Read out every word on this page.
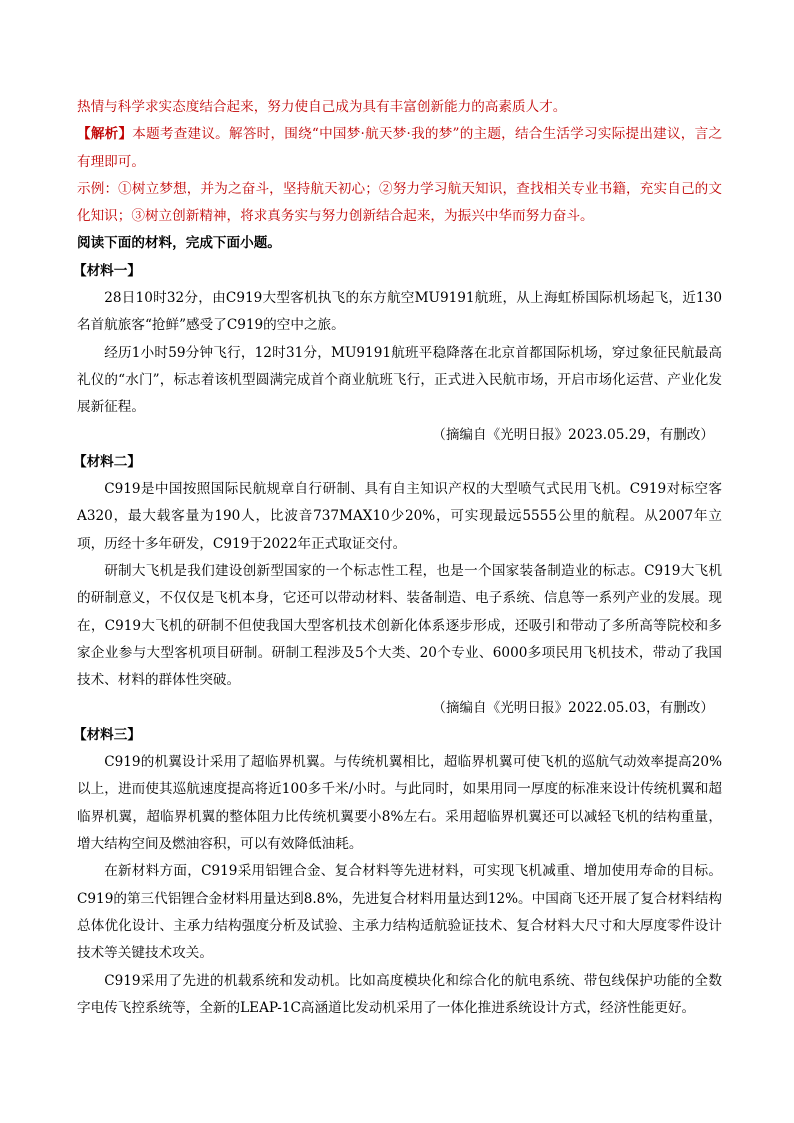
热情与科学求实态度结合起来，努力使自己成为具有丰富创新能力的高素质人才。

【解析】本题考查建议。解答时，围绕“中国梦·航天梦·我的梦”的主题，结合生活学习实际提出建议，言之有理即可。

示例：①树立梦想，并为之奋斗，坚持航天初心；②努力学习航天知识，查找相关专业书籍，充实自己的文化知识；③树立创新精神，将求真务实与努力创新结合起来，为振兴中华而努力奋斗。

阅读下面的材料，完成下面小题。

【材料一】

28日10时32分，由C919大型客机执飞的东方航空MU9191航班，从上海虹桥国际机场起飞，近130名首航旅客“抢鲜”感受了C919的空中之旅。

经历1小时59分钟飞行，12时31分，MU9191航班平稳降落在北京首都国际机场，穿过象征民航最高礼仪的“水门”，标志着该机型圆满完成首个商业航班飞行，正式进入民航市场，开启市场化运营、产业化发展新征程。

（摘编自《光明日报》2023.05.29，有删改）

【材料二】

C919是中国按照国际民航规章自行研制、具有自主知识产权的大型喷气式民用飞机。C919对标空客A320，最大载客量为190人，比波音737MAX10少20%，可实现最远5555公里的航程。从2007年立项，历经十多年研发，C919于2022年正式取证交付。

研制大飞机是我们建设创新型国家的一个标志性工程，也是一个国家装备制造业的标志。C919大飞机的研制意义，不仅仅是飞机本身，它还可以带动材料、装备制造、电子系统、信息等一系列产业的发展。现在，C919大飞机的研制不但使我国大型客机技术创新化体系逐步形成，还吸引和带动了多所高等院校和多家企业参与大型客机项目研制。研制工程涉及5个大类、20个专业、6000多项民用飞机技术，带动了我国技术、材料的群体性突破。

（摘编自《光明日报》2022.05.03，有删改）

【材料三】

C919的机翼设计采用了超临界机翼。与传统机翼相比，超临界机翼可使飞机的巡航气动效率提高20%以上，进而使其巡航速度提高将近100多千米/小时。与此同时，如果用同一厚度的标准来设计传统机翼和超临界机翼，超临界机翼的整体阻力比传统机翼要小8%左右。采用超临界机翼还可以减轻飞机的结构重量，增大结构空间及燃油容积，可以有效降低油耗。

在新材料方面，C919采用铝锂合金、复合材料等先进材料，可实现飞机减重、增加使用寿命的目标。C919的第三代铝锂合金材料用量达到8.8%，先进复合材料用量达到12%。中国商飞还开展了复合材料结构总体优化设计、主承力结构强度分析及试验、主承力结构适航验证技术、复合材料大尺寸和大厚度零件设计技术等关键技术攻关。

C919采用了先进的机载系统和发动机。比如高度模块化和综合化的航电系统、带包线保护功能的全数字电传飞控系统等，全新的LEAP-1C高涵道比发动机采用了一体化推进系统设计方式，经济性能更好。
